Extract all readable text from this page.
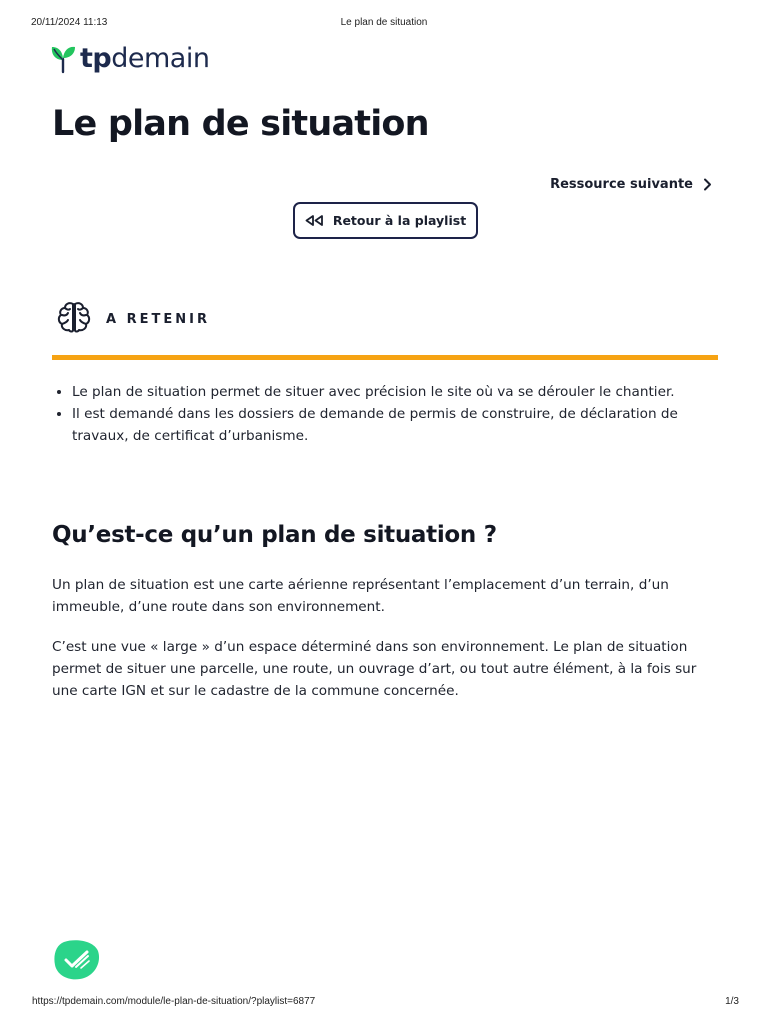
20/11/2024 11:13	Le plan de situation
tpdemain
Le plan de situation
Ressource suivante
Retour à la playlist
A RETENIR
• Le plan de situation permet de situer avec précision le site où va se dérouler le chantier.
• Il est demandé dans les dossiers de demande de permis de construire, de déclaration de travaux, de certificat d’urbanisme.
Qu’est-ce qu’un plan de situation ?

Un plan de situation est une carte aérienne représentant l’emplacement d’un terrain, d’un immeuble, d’une route dans son environnement.

C’est une vue « large » d’un espace déterminé dans son environnement. Le plan de situation permet de situer une parcelle, une route, un ouvrage d’art, ou tout autre élément, à la fois sur une carte IGN et sur le cadastre de la commune concernée.

https://tpdemain.com/module/le-plan-de-situation/?playlist=6877	1/3
